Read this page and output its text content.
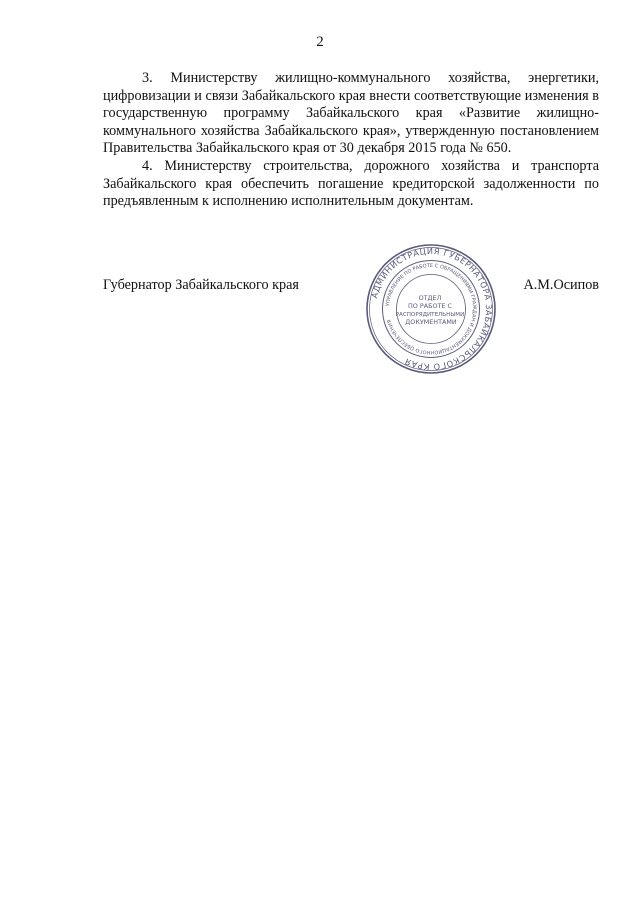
2

3. Министерству жилищно-коммунального хозяйства, энергетики, цифровизации и связи Забайкальского края внести соответствующие изменения в государственную программу Забайкальского края «Развитие жилищно-коммунального хозяйства Забайкальского края», утвержденную постановлением Правительства Забайкальского края от 30 декабря 2015 года № 650.

4. Министерству строительства, дорожного хозяйства и транспорта Забайкальского края обеспечить погашение кредиторской задолженности по предъявленным к исполнению исполнительным документам.

Губернатор Забайкальского края	А.М.Осипов
АДМИНИСТРАЦИЯ ГУБЕРНАТОРА ЗАБАЙКАЛЬСКОГО КРАЯ
УПРАВЛЕНИЕ ПО РАБОТЕ С ОБРАЩЕНИЯМИ ГРАЖДАН И ДОКУМЕНТАЦИОННОГО ОБЕСПЕЧЕНИЯ
ОТДЕЛ ПО РАБОТЕ С РАСПОРЯДИТЕЛЬНЫМИ ДОКУМЕНТАМИ
